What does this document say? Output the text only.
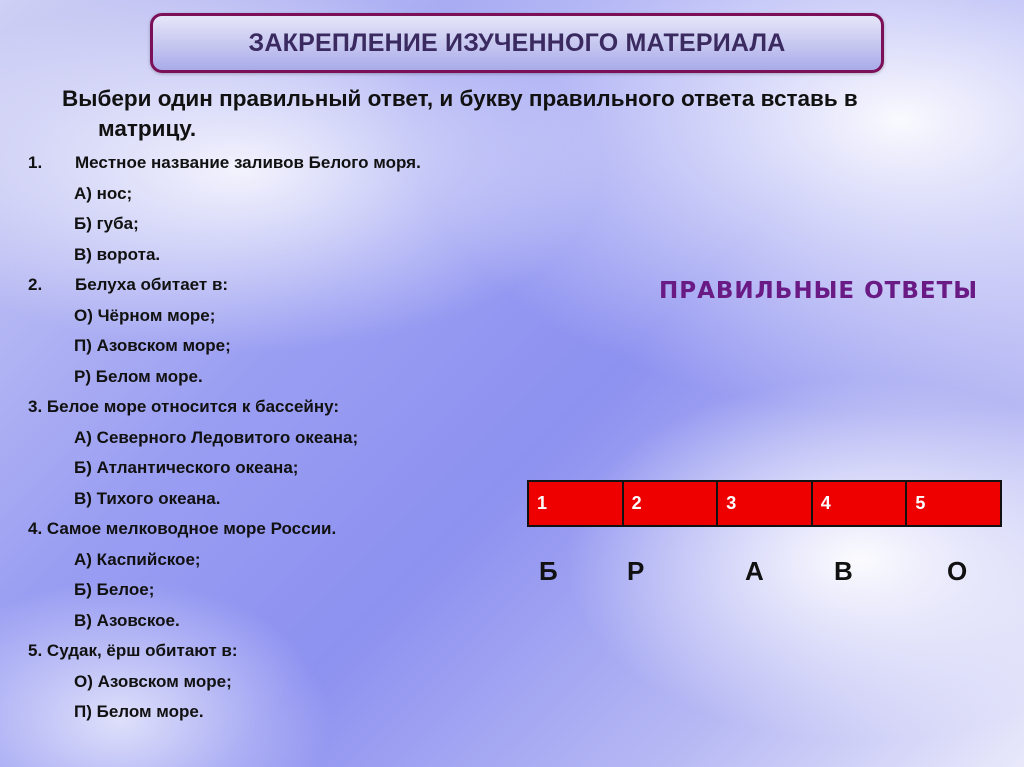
ЗАКРЕПЛЕНИЕ ИЗУЧЕННОГО МАТЕРИАЛА
Выбери один правильный ответ, и букву правильного ответа вставь в
матрицу.
1. Местное название заливов Белого моря.
А) нос;
Б) губа;
В) ворота.
2. Белуха обитает в:
О) Чёрном море;
П) Азовском море;
Р) Белом море.
3. Белое море относится к бассейну:
А) Северного Ледовитого океана;
Б) Атлантического океана;
В) Тихого океана.
4. Самое мелководное море России.
А) Каспийское;
Б) Белое;
В) Азовское.
5. Судак, ёрш обитают в:
О) Азовском море;
П) Белом море.
ПРАВИЛЬНЫЕ ОТВЕТЫ
1	2	3	4	5
Б	Р	А	В	О
